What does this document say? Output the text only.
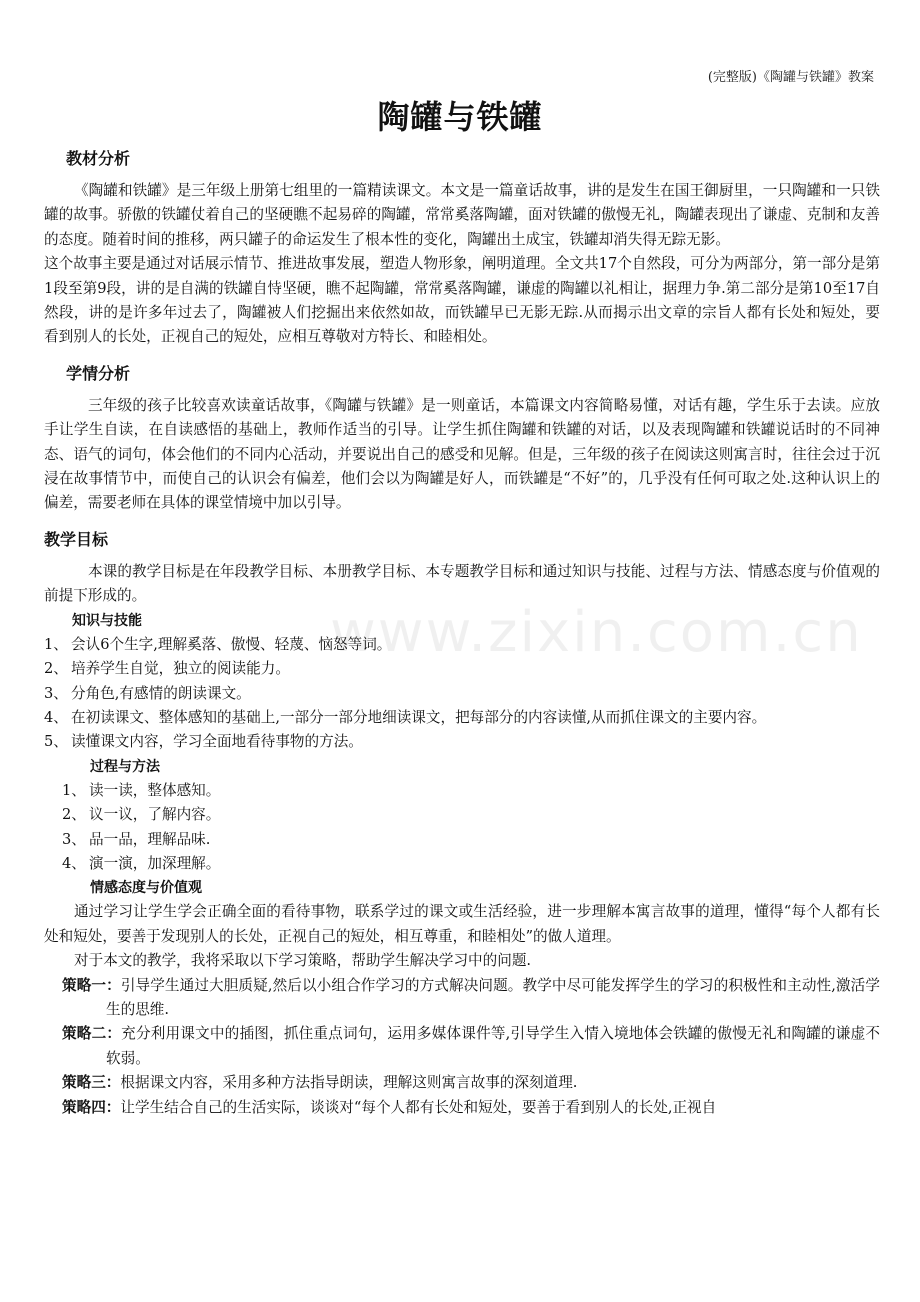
(完整版)《陶罐与铁罐》教案
陶罐与铁罐
www.zixin.com.cn
教材分析
《陶罐和铁罐》是三年级上册第七组里的一篇精读课文。本文是一篇童话故事，讲的是发生在国王御厨里，一只陶罐和一只铁罐的故事。骄傲的铁罐仗着自己的坚硬瞧不起易碎的陶罐，常常奚落陶罐，面对铁罐的傲慢无礼，陶罐表现出了谦虚、克制和友善的态度。随着时间的推移，两只罐子的命运发生了根本性的变化，陶罐出土成宝，铁罐却消失得无踪无影。
这个故事主要是通过对话展示情节、推进故事发展，塑造人物形象，阐明道理。全文共17个自然段，可分为两部分，第一部分是第1段至第9段，讲的是自满的铁罐自恃坚硬，瞧不起陶罐，常常奚落陶罐，谦虚的陶罐以礼相让，据理力争.第二部分是第10至17自然段，讲的是许多年过去了，陶罐被人们挖掘出来依然如故，而铁罐早已无影无踪.从而揭示出文章的宗旨人都有长处和短处，要看到别人的长处，正视自己的短处，应相互尊敬对方特长、和睦相处。
学情分析
三年级的孩子比较喜欢读童话故事，《陶罐与铁罐》是一则童话，本篇课文内容简略易懂，对话有趣，学生乐于去读。应放手让学生自读，在自读感悟的基础上，教师作适当的引导。让学生抓住陶罐和铁罐的对话，以及表现陶罐和铁罐说话时的不同神态、语气的词句，体会他们的不同内心活动，并要说出自己的感受和见解。但是，三年级的孩子在阅读这则寓言时，往往会过于沉浸在故事情节中，而使自己的认识会有偏差，他们会以为陶罐是好人，而铁罐是“不好”的，几乎没有任何可取之处.这种认识上的偏差，需要老师在具体的课堂情境中加以引导。
教学目标
本课的教学目标是在年段教学目标、本册教学目标、本专题教学目标和通过知识与技能、过程与方法、情感态度与价值观的前提下形成的。
知识与技能
1、 会认6个生字,理解奚落、傲慢、轻蔑、恼怒等词。
2、 培养学生自觉，独立的阅读能力。
3、 分角色,有感情的朗读课文。
4、 在初读课文、整体感知的基础上,一部分一部分地细读课文，把每部分的内容读懂,从而抓住课文的主要内容。
5、 读懂课文内容，学习全面地看待事物的方法。
过程与方法
1、 读一读，整体感知。
2、 议一议，了解内容。
3、 品一品，理解品味.
4、 演一演，加深理解。
情感态度与价值观
通过学习让学生学会正确全面的看待事物，联系学过的课文或生活经验，进一步理解本寓言故事的道理，懂得“每个人都有长处和短处，要善于发现别人的长处，正视自己的短处，相互尊重，和睦相处”的做人道理。
对于本文的教学，我将采取以下学习策略，帮助学生解决学习中的问题.
策略一：引导学生通过大胆质疑,然后以小组合作学习的方式解决问题。教学中尽可能发挥学生的学习的积极性和主动性,激活学生的思维.
策略二：充分利用课文中的插图，抓住重点词句，运用多媒体课件等,引导学生入情入境地体会铁罐的傲慢无礼和陶罐的谦虚不软弱。
策略三：根据课文内容，采用多种方法指导朗读，理解这则寓言故事的深刻道理.
策略四：让学生结合自己的生活实际，谈谈对“每个人都有长处和短处，要善于看到别人的长处,正视自
